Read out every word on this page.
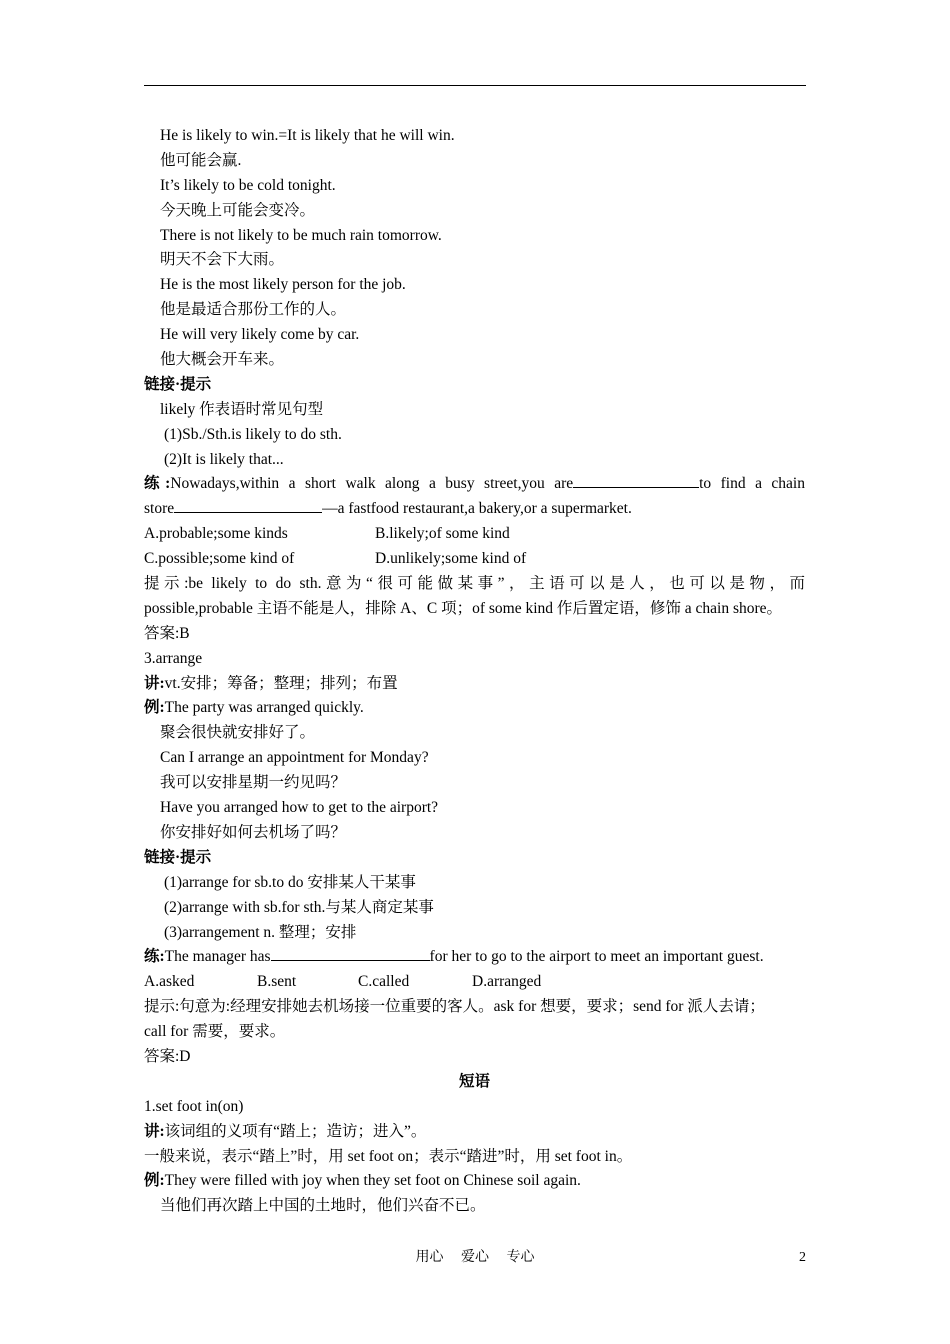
He is likely to win.=It is likely that he will win.
他可能会赢.
It’s likely to be cold tonight.
今天晚上可能会变冷。
There is not likely to be much rain tomorrow.
明天不会下大雨。
He is the most likely person for the job.
他是最适合那份工作的人。
He will very likely come by car.
他大概会开车来。
链接·提示
likely 作表语时常见句型
(1)Sb./Sth.is likely to do sth.
(2)It is likely that...
练:Nowadays,within a short walk along a busy street,you are	to find a chain
store	—a fastfood restaurant,a bakery,or a supermarket.
A.probable;some kinds	B.likely;of some kind
C.possible;some kind of	D.unlikely;some kind of
提示:be likely to do sth.意为“很可能做某事”，主语可以是人，也可以是物，而
possible,probable 主语不能是人，排除 A、C 项；of some kind 作后置定语，修饰 a chain shore。
答案:B
3.arrange
讲:vt.安排；筹备；整理；排列；布置
例:The party was arranged quickly.
聚会很快就安排好了。
Can I arrange an appointment for Monday?
我可以安排星期一约见吗？
Have you arranged how to get to the airport?
你安排好如何去机场了吗？
链接·提示
(1)arrange for sb.to do 安排某人干某事
(2)arrange with sb.for sth.与某人商定某事
(3)arrangement n. 整理；安排
练:The manager has	for her to go to the airport to meet an important guest.
A.asked	B.sent	C.called	D.arranged
提示:句意为:经理安排她去机场接一位重要的客人。ask for 想要，要求；send for 派人去请；
call for 需要，要求。
答案:D
短语
1.set foot in(on)
讲:该词组的义项有“踏上；造访；进入”。
一般来说，表示“踏上”时，用 set foot on；表示“踏进”时，用 set foot in。
例:They were filled with joy when they set foot on Chinese soil again.
当他们再次踏上中国的土地时，他们兴奋不已。
用心 爱心 专心	2
